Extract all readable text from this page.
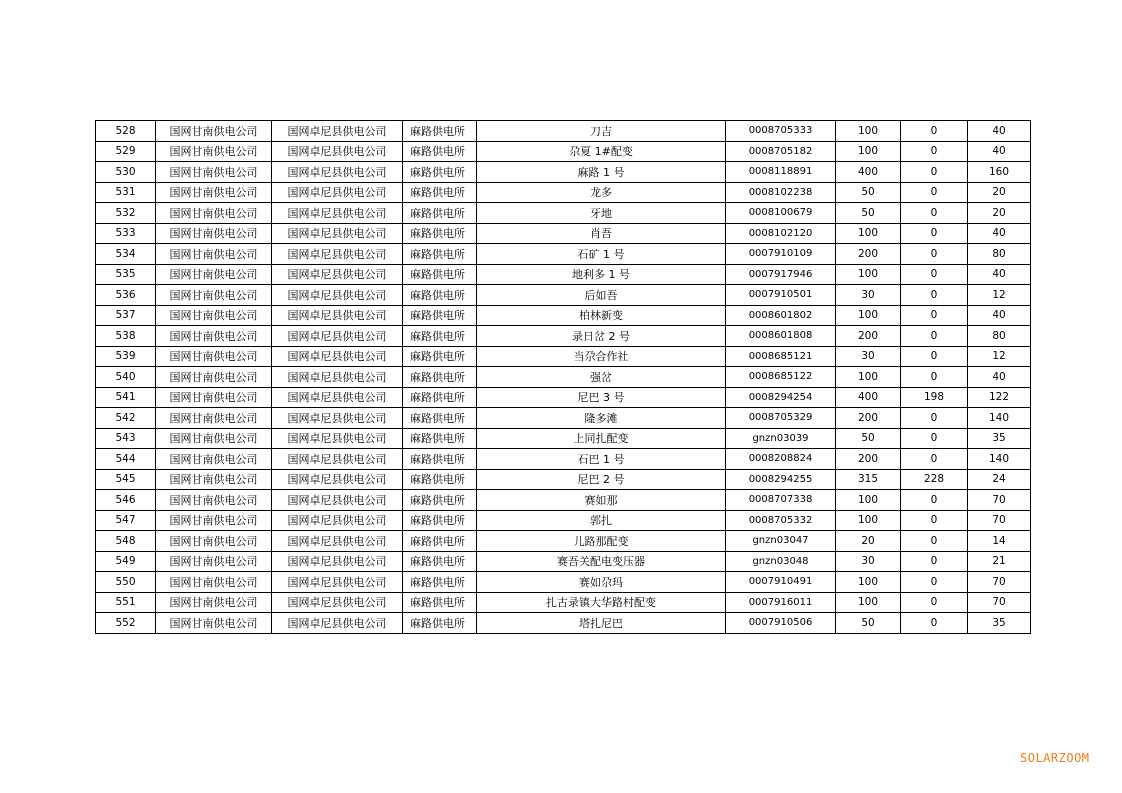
528	国网甘南供电公司	国网卓尼县供电公司	麻路供电所	刀吉	0008705333	100	0	40
529	国网甘南供电公司	国网卓尼县供电公司	麻路供电所	尕夏 1#配变	0008705182	100	0	40
530	国网甘南供电公司	国网卓尼县供电公司	麻路供电所	麻路 1 号	0008118891	400	0	160
531	国网甘南供电公司	国网卓尼县供电公司	麻路供电所	龙多	0008102238	50	0	20
532	国网甘南供电公司	国网卓尼县供电公司	麻路供电所	牙地	0008100679	50	0	20
533	国网甘南供电公司	国网卓尼县供电公司	麻路供电所	肖吾	0008102120	100	0	40
534	国网甘南供电公司	国网卓尼县供电公司	麻路供电所	石矿 1 号	0007910109	200	0	80
535	国网甘南供电公司	国网卓尼县供电公司	麻路供电所	地利多 1 号	0007917946	100	0	40
536	国网甘南供电公司	国网卓尼县供电公司	麻路供电所	后如吾	0007910501	30	0	12
537	国网甘南供电公司	国网卓尼县供电公司	麻路供电所	柏林新变	0008601802	100	0	40
538	国网甘南供电公司	国网卓尼县供电公司	麻路供电所	录日岔 2 号	0008601808	200	0	80
539	国网甘南供电公司	国网卓尼县供电公司	麻路供电所	当尕合作社	0008685121	30	0	12
540	国网甘南供电公司	国网卓尼县供电公司	麻路供电所	强岔	0008685122	100	0	40
541	国网甘南供电公司	国网卓尼县供电公司	麻路供电所	尼巴 3 号	0008294254	400	198	122
542	国网甘南供电公司	国网卓尼县供电公司	麻路供电所	隆多滩	0008705329	200	0	140
543	国网甘南供电公司	国网卓尼县供电公司	麻路供电所	上同扎配变	gnzn03039	50	0	35
544	国网甘南供电公司	国网卓尼县供电公司	麻路供电所	石巴 1 号	0008208824	200	0	140
545	国网甘南供电公司	国网卓尼县供电公司	麻路供电所	尼巴 2 号	0008294255	315	228	24
546	国网甘南供电公司	国网卓尼县供电公司	麻路供电所	赛如那	0008707338	100	0	70
547	国网甘南供电公司	国网卓尼县供电公司	麻路供电所	郭扎	0008705332	100	0	70
548	国网甘南供电公司	国网卓尼县供电公司	麻路供电所	儿路那配变	gnzn03047	20	0	14
549	国网甘南供电公司	国网卓尼县供电公司	麻路供电所	赛吾关配电变压器	gnzn03048	30	0	21
550	国网甘南供电公司	国网卓尼县供电公司	麻路供电所	赛如尕玛	0007910491	100	0	70
551	国网甘南供电公司	国网卓尼县供电公司	麻路供电所	扎古录镇大华路村配变	0007916011	100	0	70
552	国网甘南供电公司	国网卓尼县供电公司	麻路供电所	塔扎尼巴	0007910506	50	0	35
SOLARZOOM
